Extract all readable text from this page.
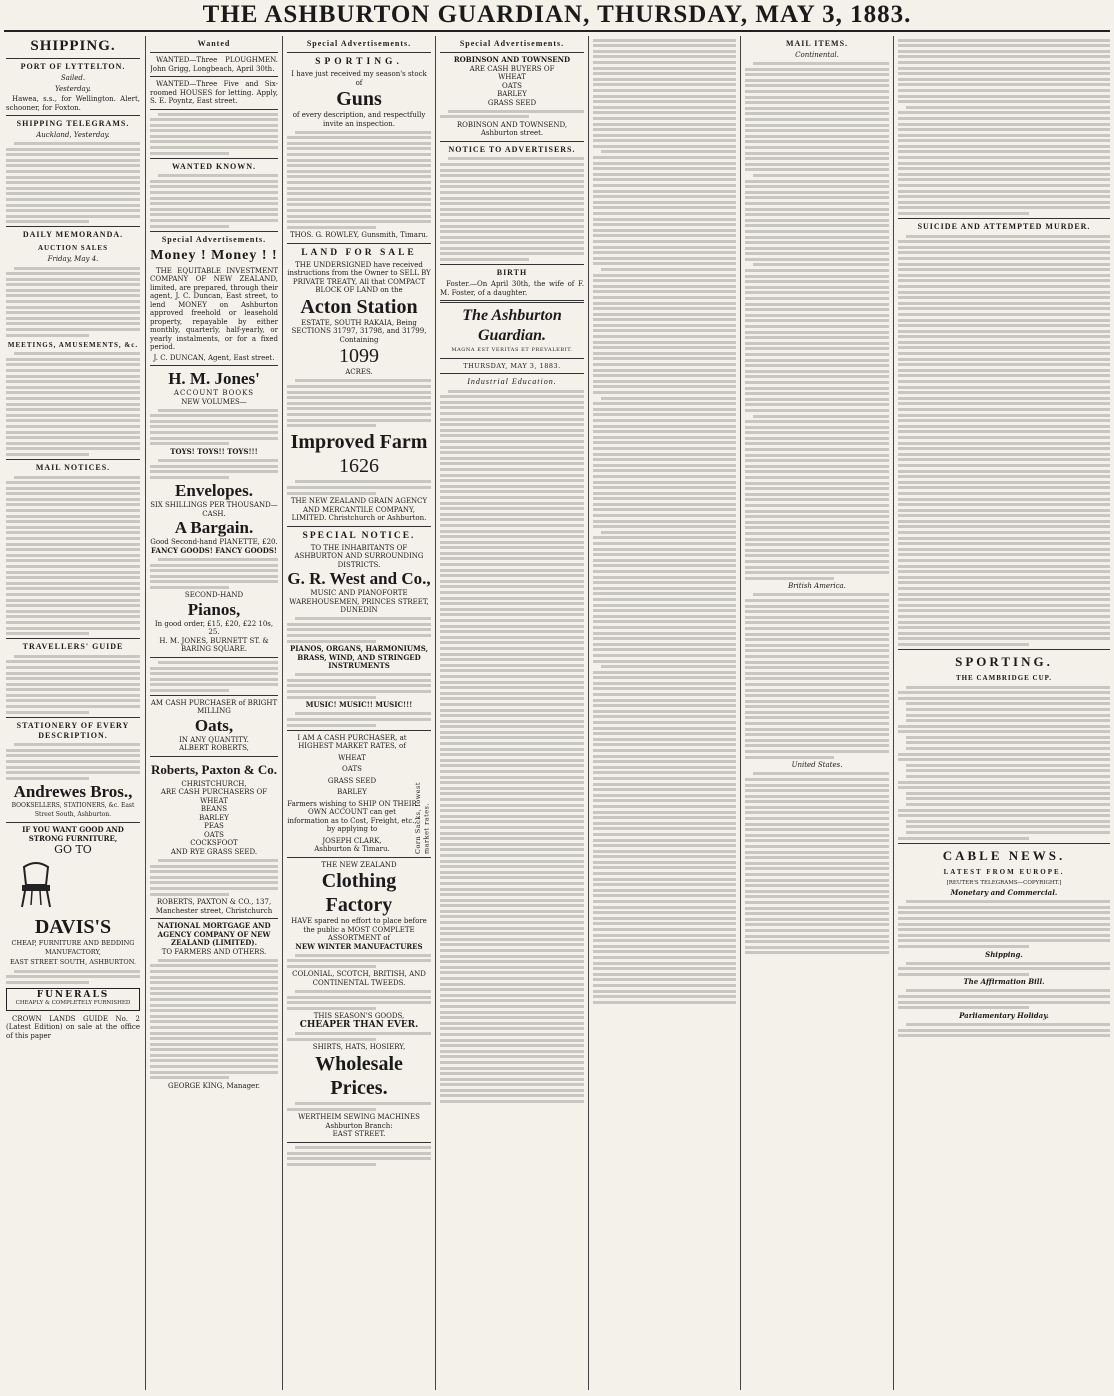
THE ASHBURTON GUARDIAN, THURSDAY, MAY 3, 1883.
SHIPPING.
PORT OF LYTTELTON.
Sailed.
Yesterday.
Hawea, s.s., for Wellington. Alert, schooner, for Foxton.
SHIPPING TELEGRAMS.
Auckland, Yesterday.
DAILY MEMORANDA.
AUCTION SALES
Friday, May 4.
MEETINGS, AMUSEMENTS, &c.
MAIL NOTICES.
TRAVELLERS' GUIDE
STATIONERY OF EVERY DESCRIPTION.
Andrewes Bros.,
BOOKSELLERS, STATIONERS, &c. East Street South, Ashburton.
IF YOU WANT GOOD AND STRONG FURNITURE,
GO TO
DAVIS'S
CHEAP, FURNITURE AND BEDDING MANUFACTORY,
EAST STREET SOUTH, ASHBURTON.
FUNERALS
CHEAPLY & COMPLETELY FURNISHED
CROWN LANDS GUIDE No. 2 (Latest Edition) on sale at the office of this paper
Wanted
WANTED—Three PLOUGHMEN. John Grigg, Longbeach, April 30th.
WANTED—Three Five and Six-roomed HOUSES for letting. Apply, S. E. Poyntz, East street.
WANTED KNOWN.
Special Advertisements.
Money ! Money ! !
THE EQUITABLE INVESTMENT COMPANY OF NEW ZEALAND, limited, are prepared, through their agent, J. C. Duncan, East street, to lend MONEY on Ashburton approved freehold or leasehold property, repayable by either monthly, quarterly, half-yearly, or yearly instalments, or for a fixed period.
J. C. DUNCAN, Agent, East street.
H. M. Jones'
ACCOUNT BOOKS
NEW VOLUMES—
TOYS! TOYS!! TOYS!!!
Envelopes.
SIX SHILLINGS PER THOUSAND—CASH.
A Bargain.
Good Second-hand PIANETTE, £20.
FANCY GOODS! FANCY GOODS!
SECOND-HAND
Pianos,
In good order, £15, £20, £22 10s, 25.
H. M. JONES, BURNETT ST. & BARING SQUARE.
AM CASH PURCHASER of BRIGHT MILLING
Oats,
IN ANY QUANTITY.
ALBERT ROBERTS,
Roberts, Paxton & Co.
CHRISTCHURCH,
ARE CASH PURCHASERS OF
WHEAT
BEANS
BARLEY
PEAS
OATS
COCKSFOOT
AND RYE GRASS SEED.
ROBERTS, PAXTON & CO., 137, Manchester street, Christchurch
NATIONAL MORTGAGE AND AGENCY COMPANY OF NEW ZEALAND (LIMITED).
TO FARMERS AND OTHERS.
GEORGE KING, Manager.
Special Advertisements.
SPORTING.
I have just received my season's stock of
Guns
of every description, and respectfully invite an inspection.
THOS. G. ROWLEY, Gunsmith, Timaru.
LAND FOR SALE
THE UNDERSIGNED have received instructions from the Owner to SELL BY PRIVATE TREATY, All that COMPACT BLOCK OF LAND on the
Acton Station
ESTATE, SOUTH RAKAIA, Being SECTIONS 31797, 31798, and 31799, Containing
1099
ACRES.
Improved Farm
1626
THE NEW ZEALAND GRAIN AGENCY AND MERCANTILE COMPANY, LIMITED. Christchurch or Ashburton.
SPECIAL NOTICE.
TO THE INHABITANTS OF ASHBURTON AND SURROUNDING DISTRICTS.
G. R. West and Co.,
MUSIC AND PIANOFORTE WAREHOUSEMEN, PRINCES STREET, DUNEDIN
PIANOS, ORGANS, HARMONIUMS, BRASS, WIND, AND STRINGED INSTRUMENTS
MUSIC! MUSIC!! MUSIC!!!
I AM A CASH PURCHASER, at HIGHEST MARKET RATES, of
WHEAT
OATS
GRASS SEED
BARLEY
Farmers wishing to SHIP ON THEIR OWN ACCOUNT can get information as to Cost, Freight, etc., by applying to
JOSEPH CLARK,
Ashburton & Timaru.	Corn Sacks, lowest market rates.
THE NEW ZEALAND
Clothing Factory
HAVE spared no effort to place before the public a MOST COMPLETE ASSORTMENT of
NEW WINTER MANUFACTURES
COLONIAL, SCOTCH, BRITISH, AND CONTINENTAL TWEEDS.
THIS SEASON'S GOODS,
CHEAPER THAN EVER.
SHIRTS, HATS, HOSIERY,
Wholesale Prices.
WERTHEIM SEWING MACHINES
Ashburton Branch:
EAST STREET.
Special Advertisements.
ROBINSON AND TOWNSEND
ARE CASH BUYERS OF
WHEAT
OATS
BARLEY
GRASS SEED
ROBINSON AND TOWNSEND, Ashburton street.
NOTICE TO ADVERTISERS.
BIRTH
Foster.—On April 30th, the wife of F. M. Foster, of a daughter.
The Ashburton Guardian.
MAGNA EST VERITAS ET PREVALEBIT.
THURSDAY, MAY 3, 1883.
Industrial Education.
MAIL ITEMS.
Continental.
British America.
United States.
SUICIDE AND ATTEMPTED MURDER.
SPORTING.
THE CAMBRIDGE CUP.
CABLE NEWS.
LATEST FROM EUROPE.
[REUTER'S TELEGRAMS—COPYRIGHT.]
Monetary and Commercial.
Shipping.
The Affirmation Bill.
Parliamentary Holiday.
